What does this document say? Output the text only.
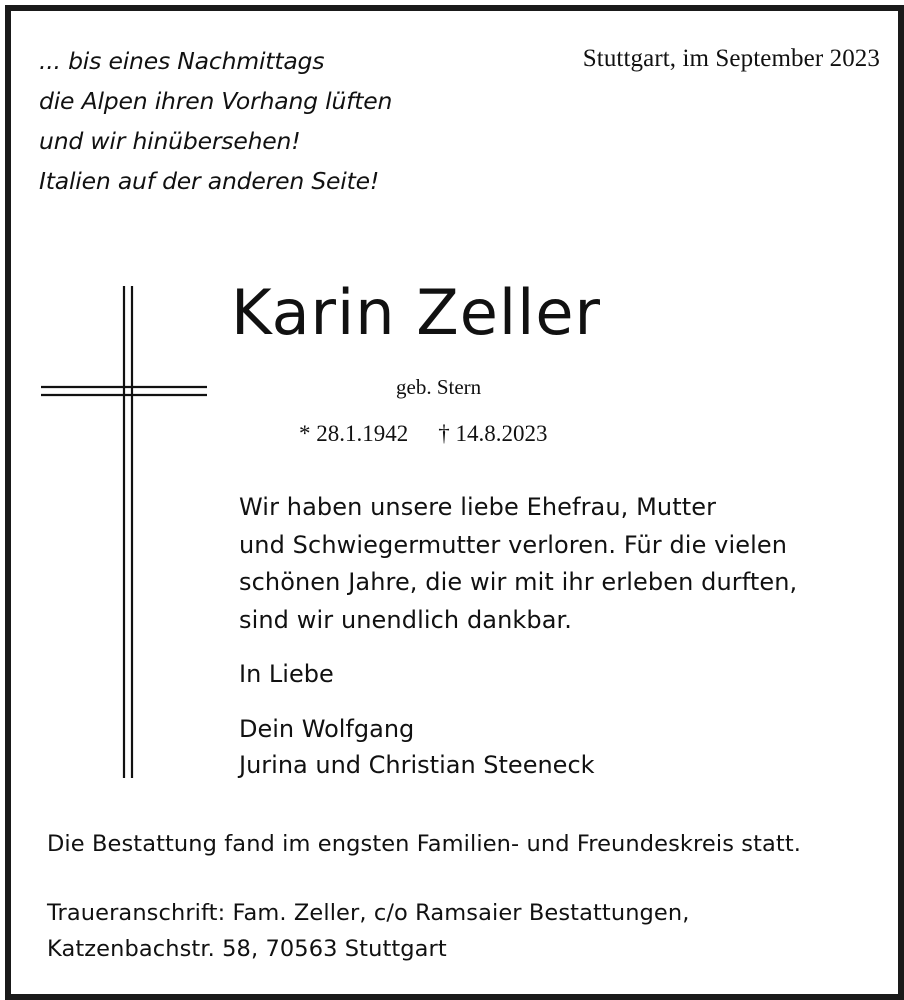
... bis eines Nachmittags
die Alpen ihren Vorhang lüften
und wir hinübersehen!
Italien auf der anderen Seite!
Stuttgart, im September 2023
Karin Zeller
geb. Stern
* 28.1.1942 † 14.8.2023
Wir haben unsere liebe Ehefrau, Mutter
und Schwiegermutter verloren. Für die vielen
schönen Jahre, die wir mit ihr erleben durften,
sind wir unendlich dankbar.
In Liebe
Dein Wolfgang
Jurina und Christian Steeneck
Die Bestattung fand im engsten Familien- und Freundeskreis statt.
Traueranschrift: Fam. Zeller, c/o Ramsaier Bestattungen,
Katzenbachstr. 58, 70563 Stuttgart
